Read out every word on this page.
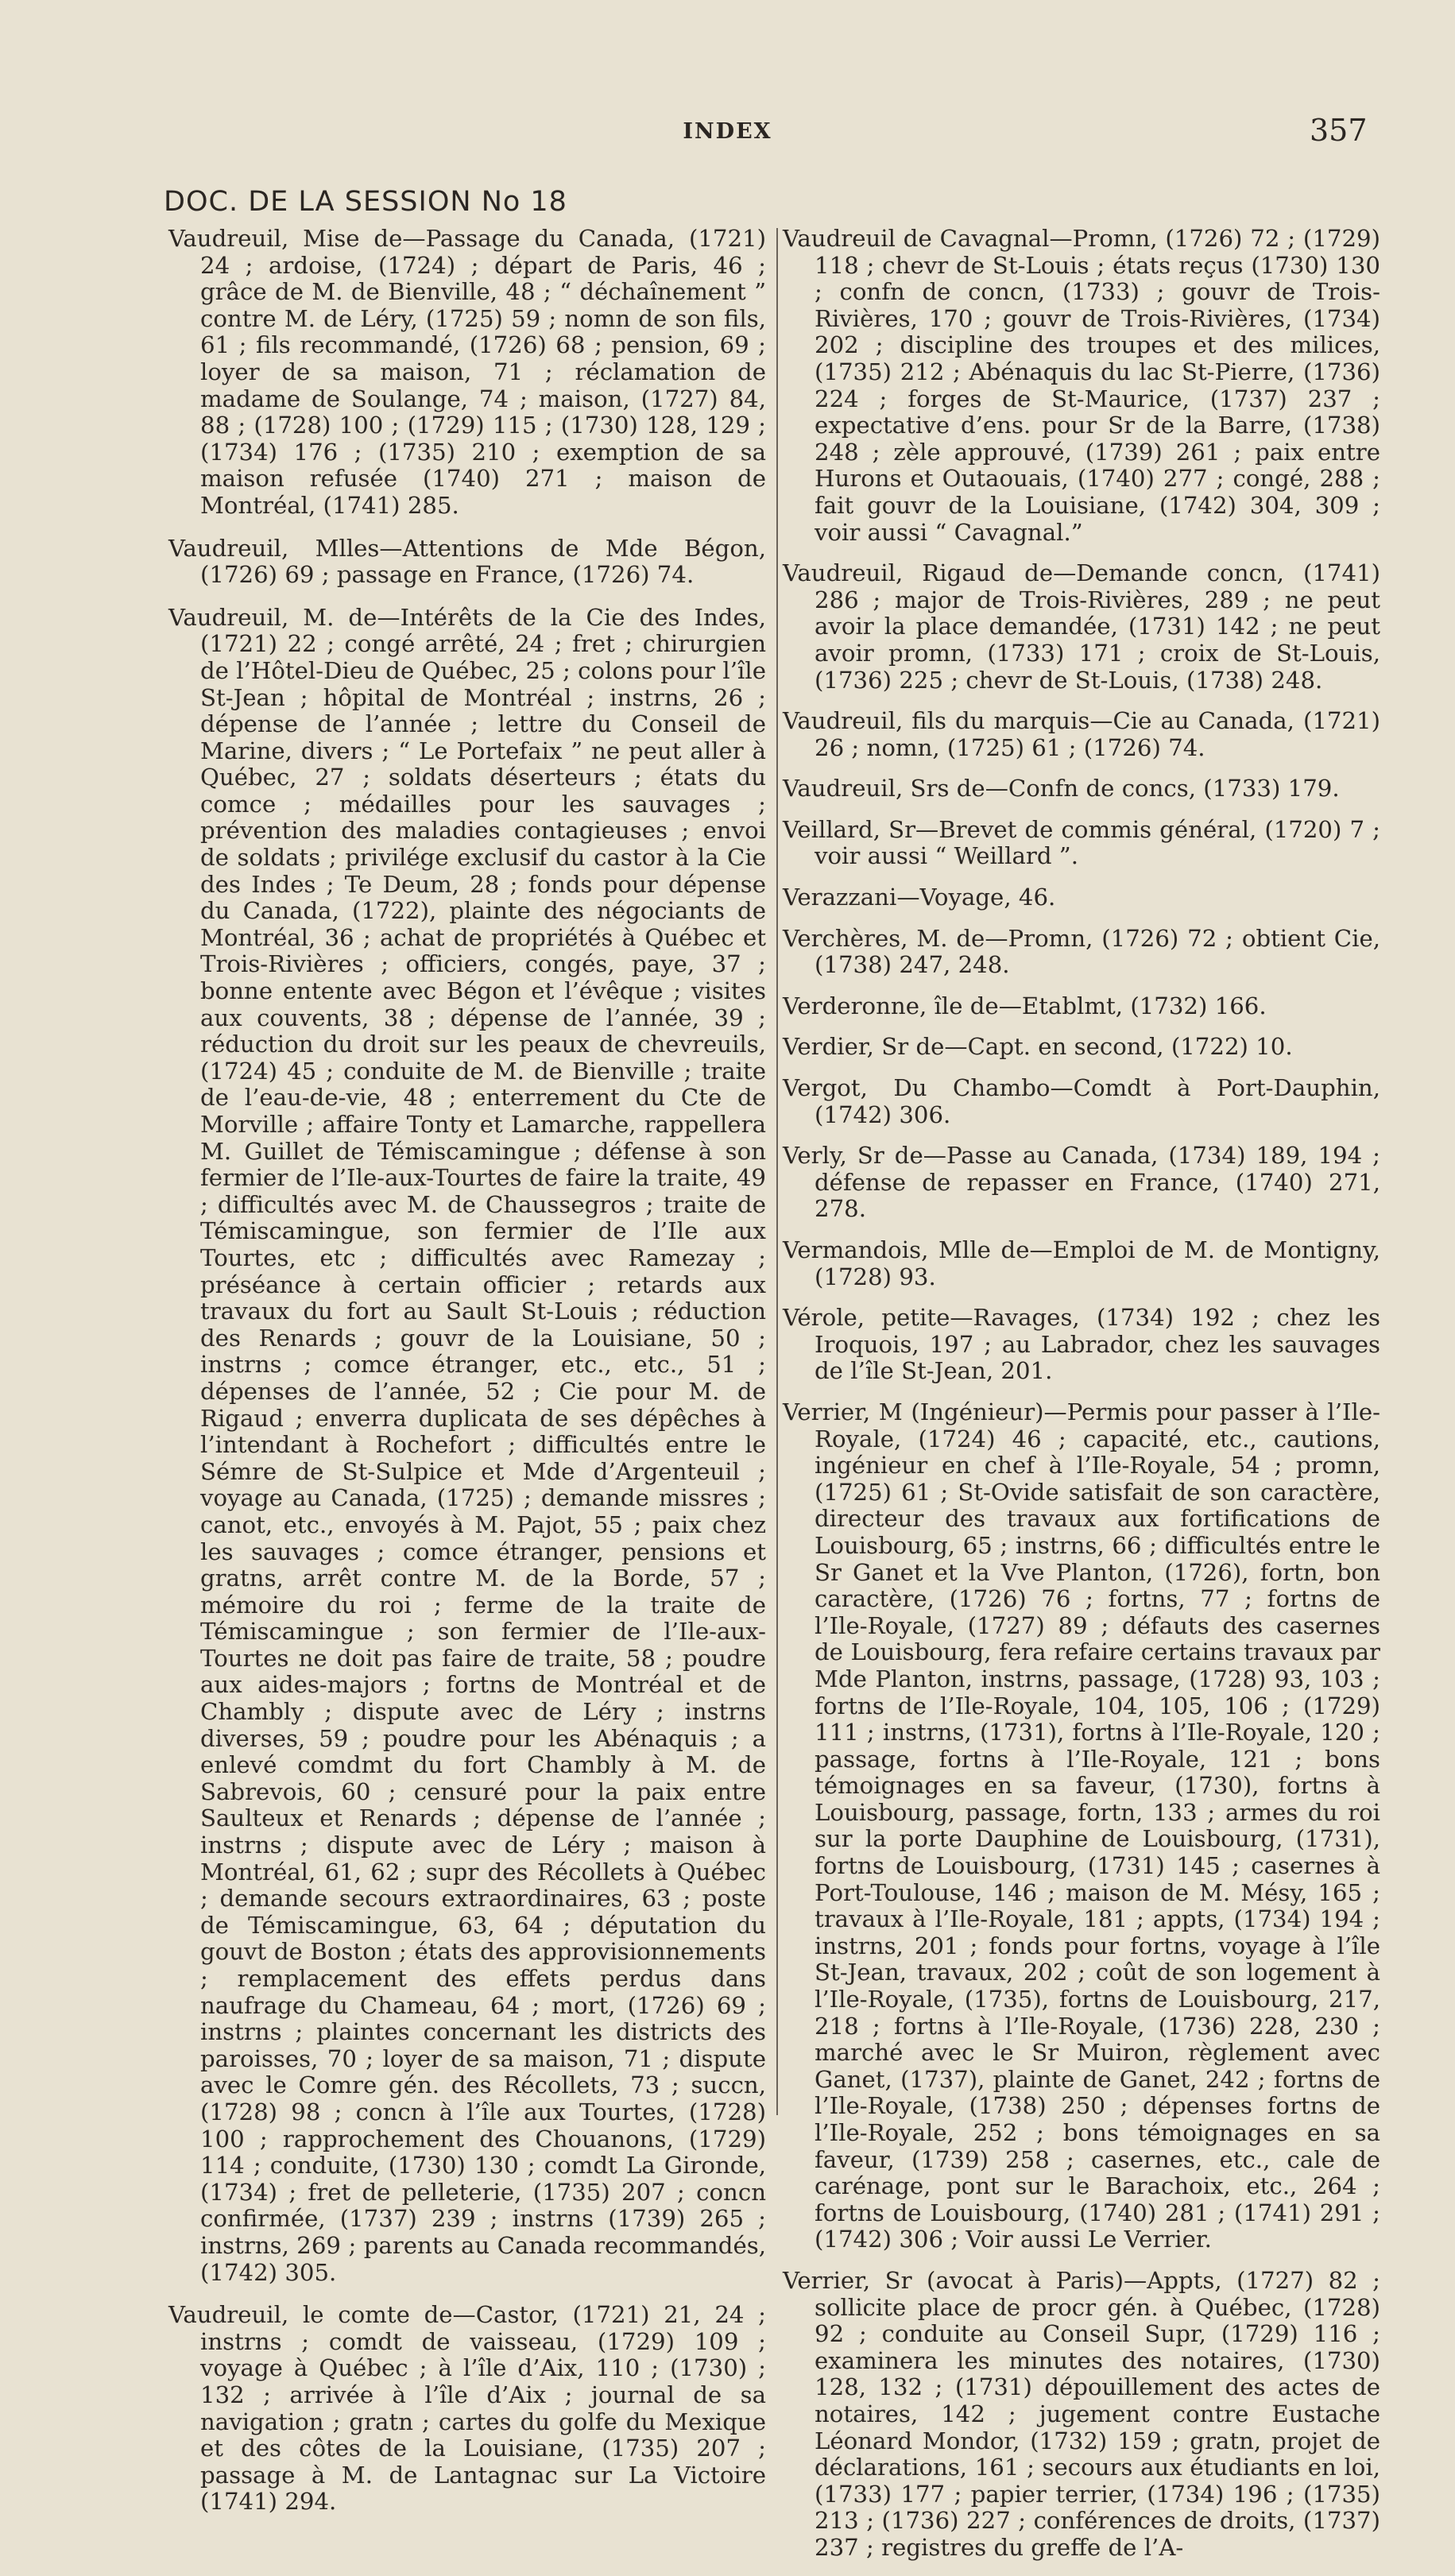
INDEX	357
DOC. DE LA SESSION No 18

Vaudreuil, Mise de—Passage du Canada, (1721) 24 ; ardoise, (1724) ; départ de Paris, 46 ; grâce de M. de Bienville, 48 ; “ déchaînement ” contre M. de Léry, (1725) 59 ; nomn de son fils, 61 ; fils recommandé, (1726) 68 ; pension, 69 ; loyer de sa maison, 71 ; réclamation de madame de Soulange, 74 ; maison, (1727) 84, 88 ; (1728) 100 ; (1729) 115 ; (1730) 128, 129 ; (1734) 176 ; (1735) 210 ; exemption de sa maison refusée (1740) 271 ; maison de Montréal, (1741) 285.

Vaudreuil, Mlles—Attentions de Mde Bégon, (1726) 69 ; passage en France, (1726) 74.

Vaudreuil, M. de—Intérêts de la Cie des Indes, (1721) 22 ; congé arrêté, 24 ; fret ; chirurgien de l’Hôtel-Dieu de Québec, 25 ; colons pour l’île St-Jean ; hôpital de Montréal ; instrns, 26 ; dépense de l’année ; lettre du Conseil de Marine, divers ; “ Le Portefaix ” ne peut aller à Québec, 27 ; soldats déserteurs ; états du comce ; médailles pour les sauvages ; prévention des maladies contagieuses ; envoi de soldats ; privilége exclusif du castor à la Cie des Indes ; Te Deum, 28 ; fonds pour dépense du Canada, (1722), plainte des négociants de Montréal, 36 ; achat de propriétés à Québec et Trois-Rivières ; officiers, congés, paye, 37 ; bonne entente avec Bégon et l’évêque ; visites aux couvents, 38 ; dépense de l’année, 39 ; réduction du droit sur les peaux de chevreuils, (1724) 45 ; conduite de M. de Bienville ; traite de l’eau-de-vie, 48 ; enterrement du Cte de Morville ; affaire Tonty et Lamarche, rappellera M. Guillet de Témiscamingue ; défense à son fermier de l’Ile-aux-Tourtes de faire la traite, 49 ; difficultés avec M. de Chaussegros ; traite de Témiscamingue, son fermier de l’Ile aux Tourtes, etc ; difficultés avec Ramezay ; préséance à certain officier ; retards aux travaux du fort au Sault St-Louis ; réduction des Renards ; gouvr de la Louisiane, 50 ; instrns ; comce étranger, etc., etc., 51 ; dépenses de l’année, 52 ; Cie pour M. de Rigaud ; enverra duplicata de ses dépêches à l’intendant à Rochefort ; difficultés entre le Sémre de St-Sulpice et Mde d’Argenteuil ; voyage au Canada, (1725) ; demande missres ; canot, etc., envoyés à M. Pajot, 55 ; paix chez les sauvages ; comce étranger, pensions et gratns, arrêt contre M. de la Borde, 57 ; mémoire du roi ; ferme de la traite de Témiscamingue ; son fermier de l’Ile-aux-Tourtes ne doit pas faire de traite, 58 ; poudre aux aides-majors ; fortns de Montréal et de Chambly ; dispute avec de Léry ; instrns diverses, 59 ; poudre pour les Abénaquis ; a enlevé comdmt du fort Chambly à M. de Sabrevois, 60 ; censuré pour la paix entre Saulteux et Renards ; dépense de l’année ; instrns ; dispute avec de Léry ; maison à Montréal, 61, 62 ; supr des Récollets à Québec ; demande secours extraordinaires, 63 ; poste de Témiscamingue, 63, 64 ; députation du gouvt de Boston ; états des approvisionnements ; remplacement des effets perdus dans naufrage du Chameau, 64 ; mort, (1726) 69 ; instrns ; plaintes concernant les districts des paroisses, 70 ; loyer de sa maison, 71 ; dispute avec le Comre gén. des Récollets, 73 ; succn, (1728) 98 ; concn à l’île aux Tourtes, (1728) 100 ; rapprochement des Chouanons, (1729) 114 ; conduite, (1730) 130 ; comdt La Gironde, (1734) ; fret de pelleterie, (1735) 207 ; concn confirmée, (1737) 239 ; instrns (1739) 265 ; instrns, 269 ; parents au Canada recommandés, (1742) 305.

Vaudreuil, le comte de—Castor, (1721) 21, 24 ; instrns ; comdt de vaisseau, (1729) 109 ; voyage à Québec ; à l’île d’Aix, 110 ; (1730) ; 132 ; arrivée à l’île d’Aix ; journal de sa navigation ; gratn ; cartes du golfe du Mexique et des côtes de la Louisiane, (1735) 207 ; passage à M. de Lantagnac sur La Victoire (1741) 294.

Vaudreuil de Cavagnal—Promn, (1726) 72 ; (1729) 118 ; chevr de St-Louis ; états reçus (1730) 130 ; confn de concn, (1733) ; gouvr de Trois-Rivières, 170 ; gouvr de Trois-Rivières, (1734) 202 ; discipline des troupes et des milices, (1735) 212 ; Abénaquis du lac St-Pierre, (1736) 224 ; forges de St-Maurice, (1737) 237 ; expectative d’ens. pour Sr de la Barre, (1738) 248 ; zèle approuvé, (1739) 261 ; paix entre Hurons et Outaouais, (1740) 277 ; congé, 288 ; fait gouvr de la Louisiane, (1742) 304, 309 ; voir aussi “ Cavagnal.”

Vaudreuil, Rigaud de—Demande concn, (1741) 286 ; major de Trois-Rivières, 289 ; ne peut avoir la place demandée, (1731) 142 ; ne peut avoir promn, (1733) 171 ; croix de St-Louis, (1736) 225 ; chevr de St-Louis, (1738) 248.

Vaudreuil, fils du marquis—Cie au Canada, (1721) 26 ; nomn, (1725) 61 ; (1726) 74.

Vaudreuil, Srs de—Confn de concs, (1733) 179.

Veillard, Sr—Brevet de commis général, (1720) 7 ; voir aussi “ Weillard ”.

Verazzani—Voyage, 46.

Verchères, M. de—Promn, (1726) 72 ; obtient Cie, (1738) 247, 248.

Verderonne, île de—Etablmt, (1732) 166.

Verdier, Sr de—Capt. en second, (1722) 10.

Vergot, Du Chambo—Comdt à Port-Dauphin, (1742) 306.

Verly, Sr de—Passe au Canada, (1734) 189, 194 ; défense de repasser en France, (1740) 271, 278.

Vermandois, Mlle de—Emploi de M. de Montigny, (1728) 93.

Vérole, petite—Ravages, (1734) 192 ; chez les Iroquois, 197 ; au Labrador, chez les sauvages de l’île St-Jean, 201.

Verrier, M (Ingénieur)—Permis pour passer à l’Ile-Royale, (1724) 46 ; capacité, etc., cautions, ingénieur en chef à l’Ile-Royale, 54 ; promn, (1725) 61 ; St-Ovide satisfait de son caractère, directeur des travaux aux fortifications de Louisbourg, 65 ; instrns, 66 ; difficultés entre le Sr Ganet et la Vve Planton, (1726), fortn, bon caractère, (1726) 76 ; fortns, 77 ; fortns de l’Ile-Royale, (1727) 89 ; défauts des casernes de Louisbourg, fera refaire certains travaux par Mde Planton, instrns, passage, (1728) 93, 103 ; fortns de l’Ile-Royale, 104, 105, 106 ; (1729) 111 ; instrns, (1731), fortns à l’Ile-Royale, 120 ; passage, fortns à l’Ile-Royale, 121 ; bons témoignages en sa faveur, (1730), fortns à Louisbourg, passage, fortn, 133 ; armes du roi sur la porte Dauphine de Louisbourg, (1731), fortns de Louisbourg, (1731) 145 ; casernes à Port-Toulouse, 146 ; maison de M. Mésy, 165 ; travaux à l’Ile-Royale, 181 ; appts, (1734) 194 ; instrns, 201 ; fonds pour fortns, voyage à l’île St-Jean, travaux, 202 ; coût de son logement à l’Ile-Royale, (1735), fortns de Louisbourg, 217, 218 ; fortns à l’Ile-Royale, (1736) 228, 230 ; marché avec le Sr Muiron, règlement avec Ganet, (1737), plainte de Ganet, 242 ; fortns de l’Ile-Royale, (1738) 250 ; dépenses fortns de l’Ile-Royale, 252 ; bons témoignages en sa faveur, (1739) 258 ; casernes, etc., cale de carénage, pont sur le Barachoix, etc., 264 ; fortns de Louisbourg, (1740) 281 ; (1741) 291 ; (1742) 306 ; Voir aussi Le Verrier.

Verrier, Sr (avocat à Paris)—Appts, (1727) 82 ; sollicite place de procr gén. à Québec, (1728) 92 ; conduite au Conseil Supr, (1729) 116 ; examinera les minutes des notaires, (1730) 128, 132 ; (1731) dépouillement des actes de notaires, 142 ; jugement contre Eustache Léonard Mondor, (1732) 159 ; gratn, projet de déclarations, 161 ; secours aux étudiants en loi, (1733) 177 ; papier terrier, (1734) 196 ; (1735) 213 ; (1736) 227 ; conférences de droits, (1737) 237 ; registres du greffe de l’A-
